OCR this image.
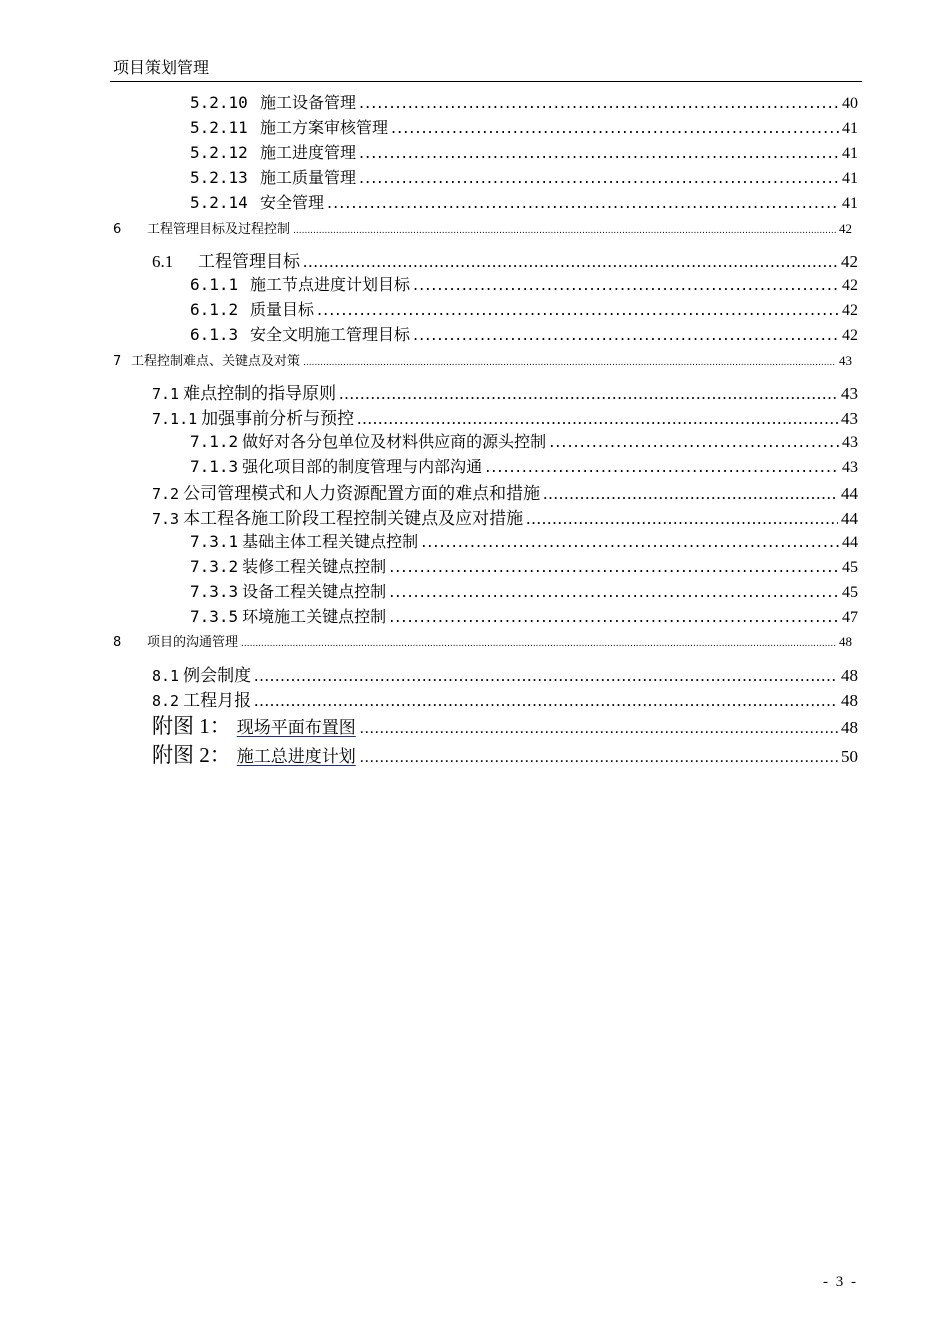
项目策划管理
5.2.10 施工设备管理 .....	40
5.2.11 施工方案审核管理 .....	41
5.2.12 施工进度管理 .....	41
5.2.13 施工质量管理 .....	41
5.2.14 安全管理 .....	41
6	工程管理目标及过程控制 .....	42
6.1	工程管理目标 .....	42
6.1.1 施工节点进度计划目标 .....	42
6.1.2 质量目标 .....	42
6.1.3 安全文明施工管理目标 .....	42
7 工程控制难点、关键点及对策 .....	43
7.1 难点控制的指导原则 .....	43
7.1.1 加强事前分析与预控 .....	43
7.1.2 做好对各分包单位及材料供应商的源头控制 .....	43
7.1.3 强化项目部的制度管理与内部沟通 .....	43
7.2 公司管理模式和人力资源配置方面的难点和措施 .....	44
7.3 本工程各施工阶段工程控制关键点及应对措施 .....	44
7.3.1 基础主体工程关键点控制 .....	44
7.3.2 装修工程关键点控制 .....	45
7.3.3 设备工程关键点控制 .....	45
7.3.5 环境施工关键点控制 .....	47
8	项目的沟通管理 .....	48
8.1 例会制度 .....	48
8.2 工程月报 .....	48
附图 1： 现场平面布置图 .....	48
附图 2： 施工总进度计划 .....	50
- 3 -
